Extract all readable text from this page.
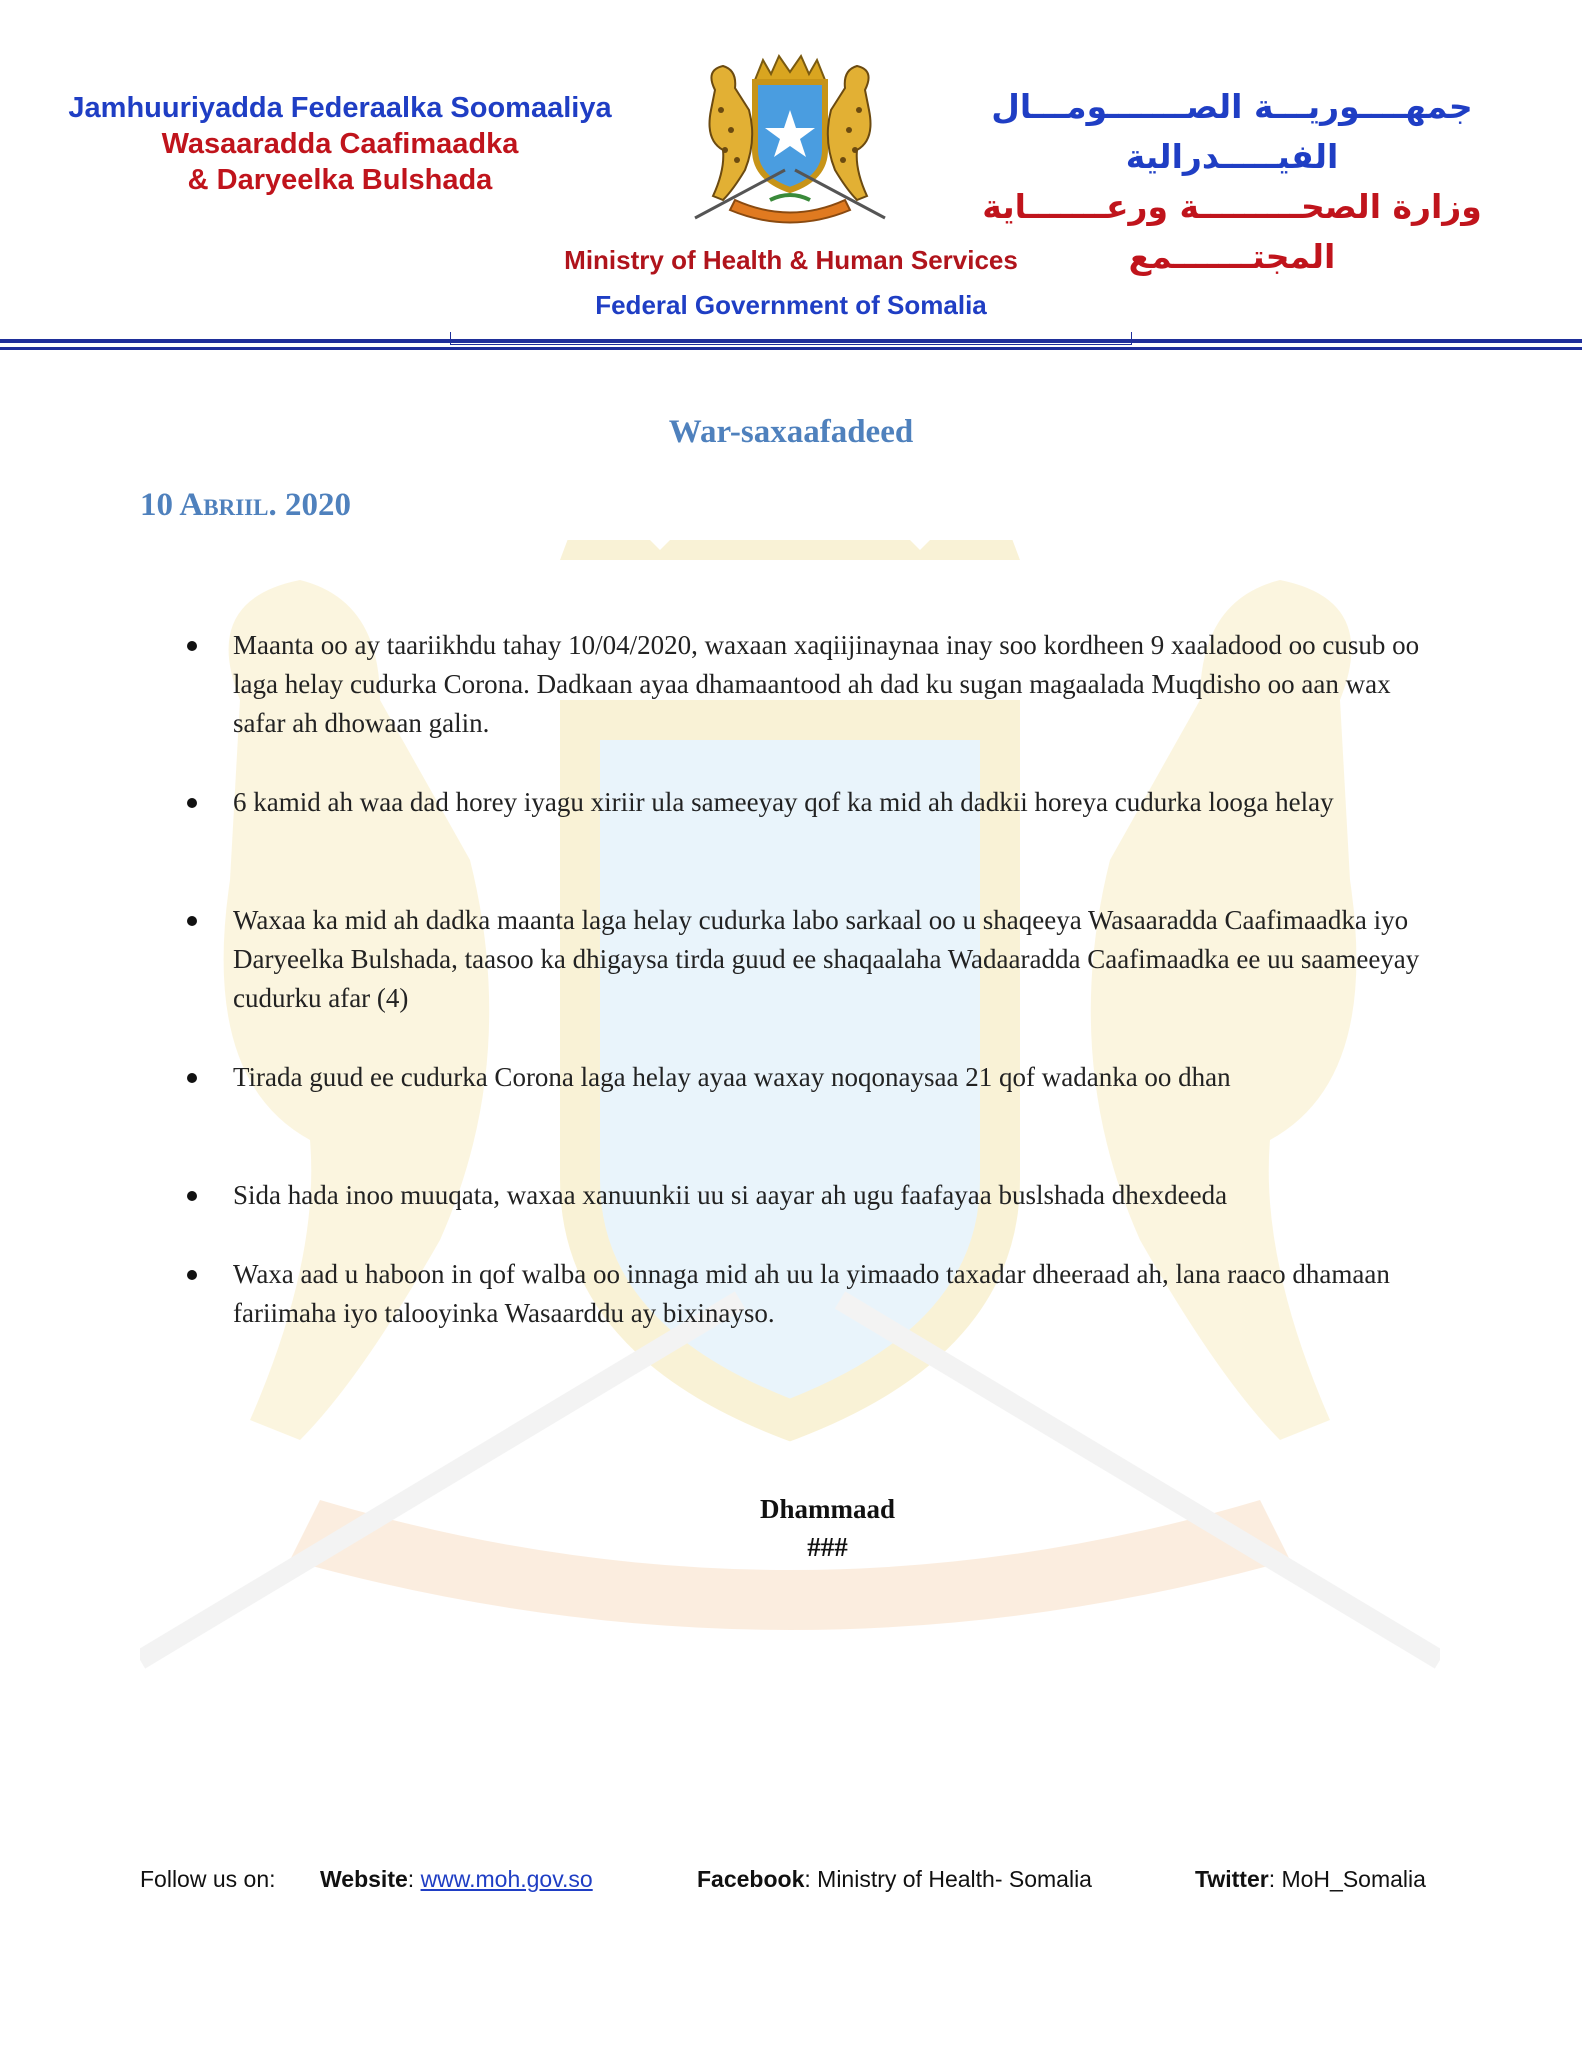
Jamhuuriyadda Federaalka Soomaaliya
Wasaaradda Caafimaadka
& Daryeelka Bulshada
جمهــــوريـــة الصـــــــومـــال الفيـــــدرالية
وزارة الصحـــــــــة ورعـــــــاية
المجتـــــــمع
Ministry of Health & Human Services
Federal Government of Somalia
War-saxaafadeed
10 Abriil. 2020
Maanta oo ay taariikhdu tahay 10/04/2020, waxaan xaqiijinaynaa inay soo kordheen 9 xaaladood oo cusub oo laga helay cudurka Corona. Dadkaan ayaa dhamaantood ah dad ku sugan magaalada Muqdisho oo aan wax safar ah dhowaan galin.
6 kamid ah waa dad horey iyagu xiriir ula sameeyay qof ka mid ah dadkii horeya cudurka looga helay
Waxaa ka mid ah dadka maanta laga helay cudurka labo sarkaal oo u shaqeeya Wasaaradda Caafimaadka iyo Daryeelka Bulshada, taasoo ka dhigaysa tirda guud ee shaqaalaha Wadaaradda Caafimaadka ee uu saameeyay cudurku afar (4)
Tirada guud ee cudurka Corona laga helay ayaa waxay noqonaysaa 21 qof wadanka oo dhan
Sida hada inoo muuqata, waxaa xanuunkii uu si aayar ah ugu faafayaa buslshada dhexdeeda
Waxa aad u haboon in qof walba oo innaga mid ah uu la yimaado taxadar dheeraad ah, lana raaco dhamaan fariimaha iyo talooyinka Wasaarddu ay bixinayso.
Dhammaad
###
Follow us on: Website: www.moh.gov.so	Facebook: Ministry of Health- Somalia	Twitter: MoH_Somalia
